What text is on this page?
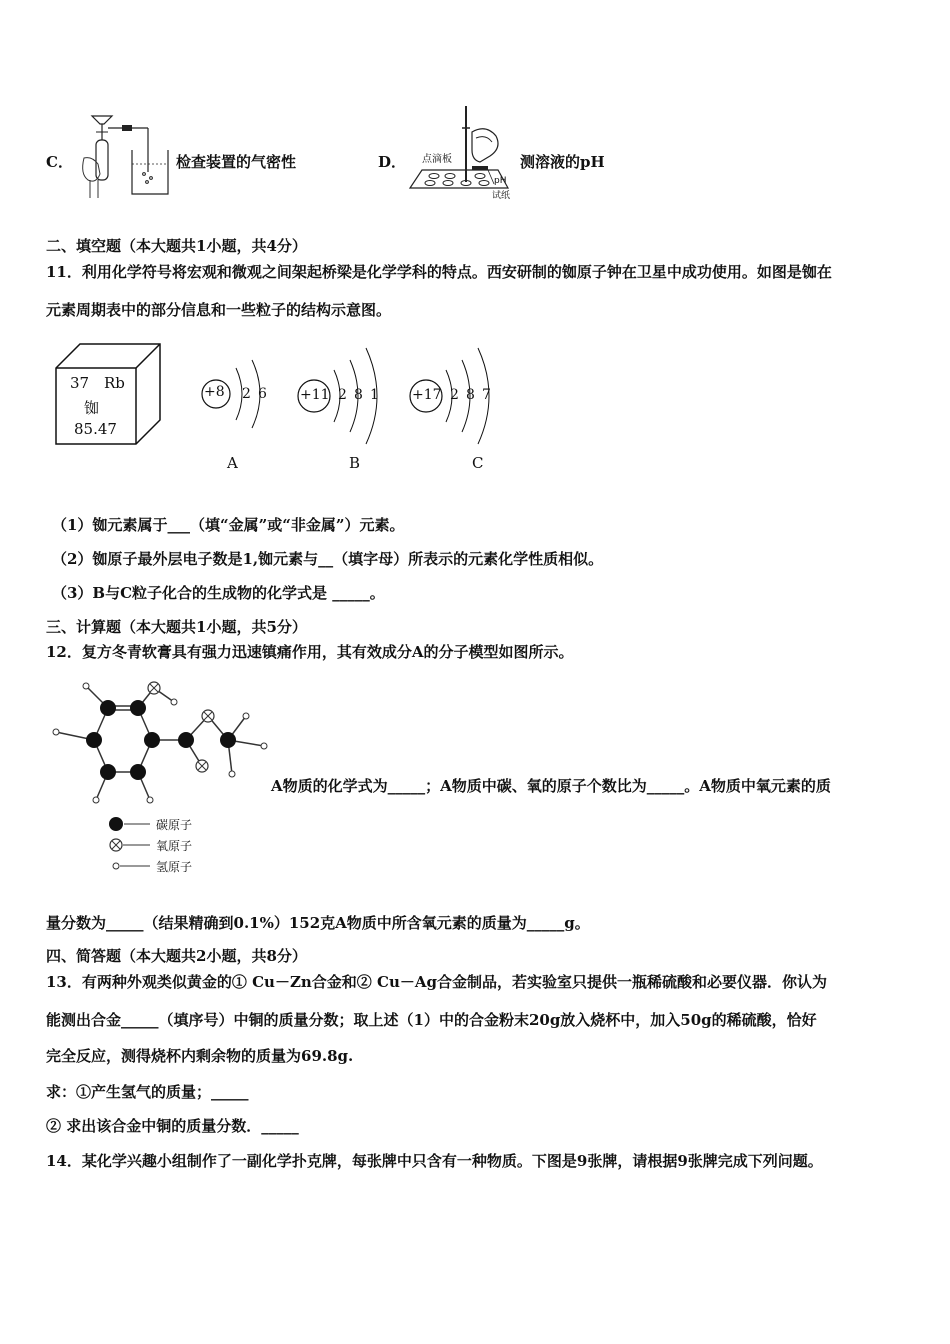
C．	检查装置的气密性	D． 点滴板
pH
试纸
测溶液的pH
二、填空题（本大题共1小题，共4分）
11．利用化学符号将宏观和微观之间架起桥梁是化学学科的特点。西安研制的铷原子钟在卫星中成功使用。如图是铷在
元素周期表中的部分信息和一些粒子的结构示意图。
37 Rb
铷
85.47
+8 2 6
A
+11 2 8 1
B
+17 2 8 7
C
（1）铷元素属于___（填“金属”或“非金属”）元素。
（2）铷原子最外层电子数是1,铷元素与__（填字母）所表示的元素化学性质相似。
（3）B与C粒子化合的生成物的化学式是 _____。
三、计算题（本大题共1小题，共5分）
12．复方冬青软膏具有强力迅速镇痛作用，其有效成分A的分子模型如图所示。
碳原子
氧原子
氢原子
A物质的化学式为_____；A物质中碳、氧的原子个数比为_____。A物质中氧元素的质
量分数为_____（结果精确到0.1%）152克A物质中所含氧元素的质量为_____g。
四、简答题（本大题共2小题，共8分）
13．有两种外观类似黄金的① Cu－Zn合金和② Cu－Ag合金制品，若实验室只提供一瓶稀硫酸和必要仪器．你认为
能测出合金_____（填序号）中铜的质量分数；取上述（1）中的合金粉末20g放入烧杯中，加入50g的稀硫酸，恰好
完全反应，测得烧杯内剩余物的质量为69.8g.
求：①产生氢气的质量；_____
② 求出该合金中铜的质量分数．_____
14．某化学兴趣小组制作了一副化学扑克牌，每张牌中只含有一种物质。下图是9张牌，请根据9张牌完成下列问题。
